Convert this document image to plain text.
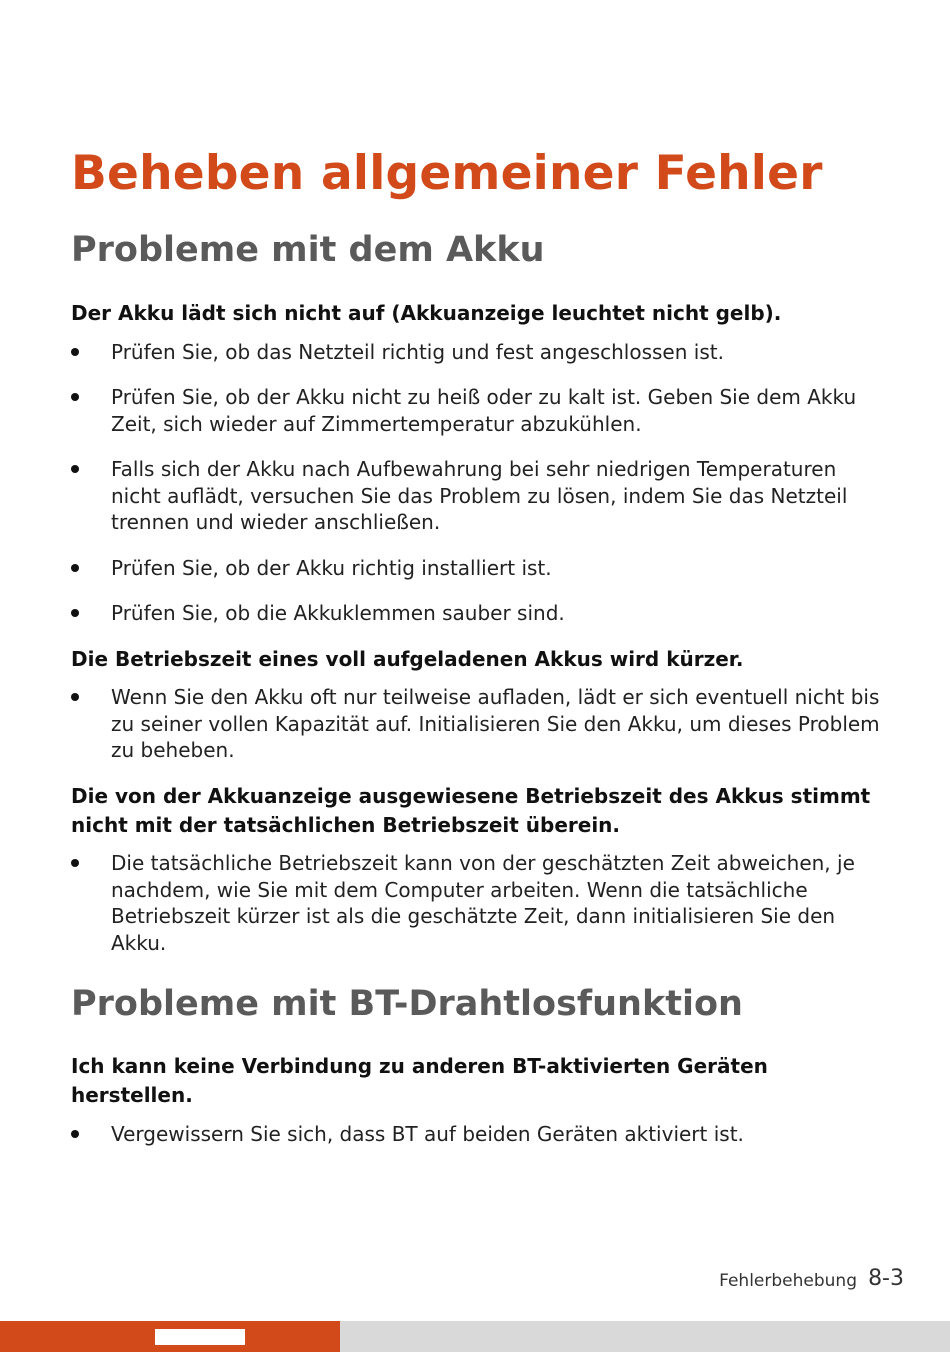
Beheben allgemeiner Fehler
Probleme mit dem Akku
Der Akku lädt sich nicht auf (Akkuanzeige leuchtet nicht gelb).
Prüfen Sie, ob das Netzteil richtig und fest angeschlossen ist.
Prüfen Sie, ob der Akku nicht zu heiß oder zu kalt ist. Geben Sie dem Akku Zeit, sich wieder auf Zimmertemperatur abzukühlen.
Falls sich der Akku nach Aufbewahrung bei sehr niedrigen Temperaturen nicht auflädt, versuchen Sie das Problem zu lösen, indem Sie das Netzteil trennen und wieder anschließen.
Prüfen Sie, ob der Akku richtig installiert ist.
Prüfen Sie, ob die Akkuklemmen sauber sind.
Die Betriebszeit eines voll aufgeladenen Akkus wird kürzer.
Wenn Sie den Akku oft nur teilweise aufladen, lädt er sich eventuell nicht bis zu seiner vollen Kapazität auf. Initialisieren Sie den Akku, um dieses Problem zu beheben.
Die von der Akkuanzeige ausgewiesene Betriebszeit des Akkus stimmt nicht mit der tatsächlichen Betriebszeit überein.
Die tatsächliche Betriebszeit kann von der geschätzten Zeit abweichen, je nachdem, wie Sie mit dem Computer arbeiten. Wenn die tatsächliche Betriebszeit kürzer ist als die geschätzte Zeit, dann initialisieren Sie den Akku.
Probleme mit BT-Drahtlosfunktion
Ich kann keine Verbindung zu anderen BT-aktivierten Geräten herstellen.
Vergewissern Sie sich, dass BT auf beiden Geräten aktiviert ist.
Fehlerbehebung 8-3
